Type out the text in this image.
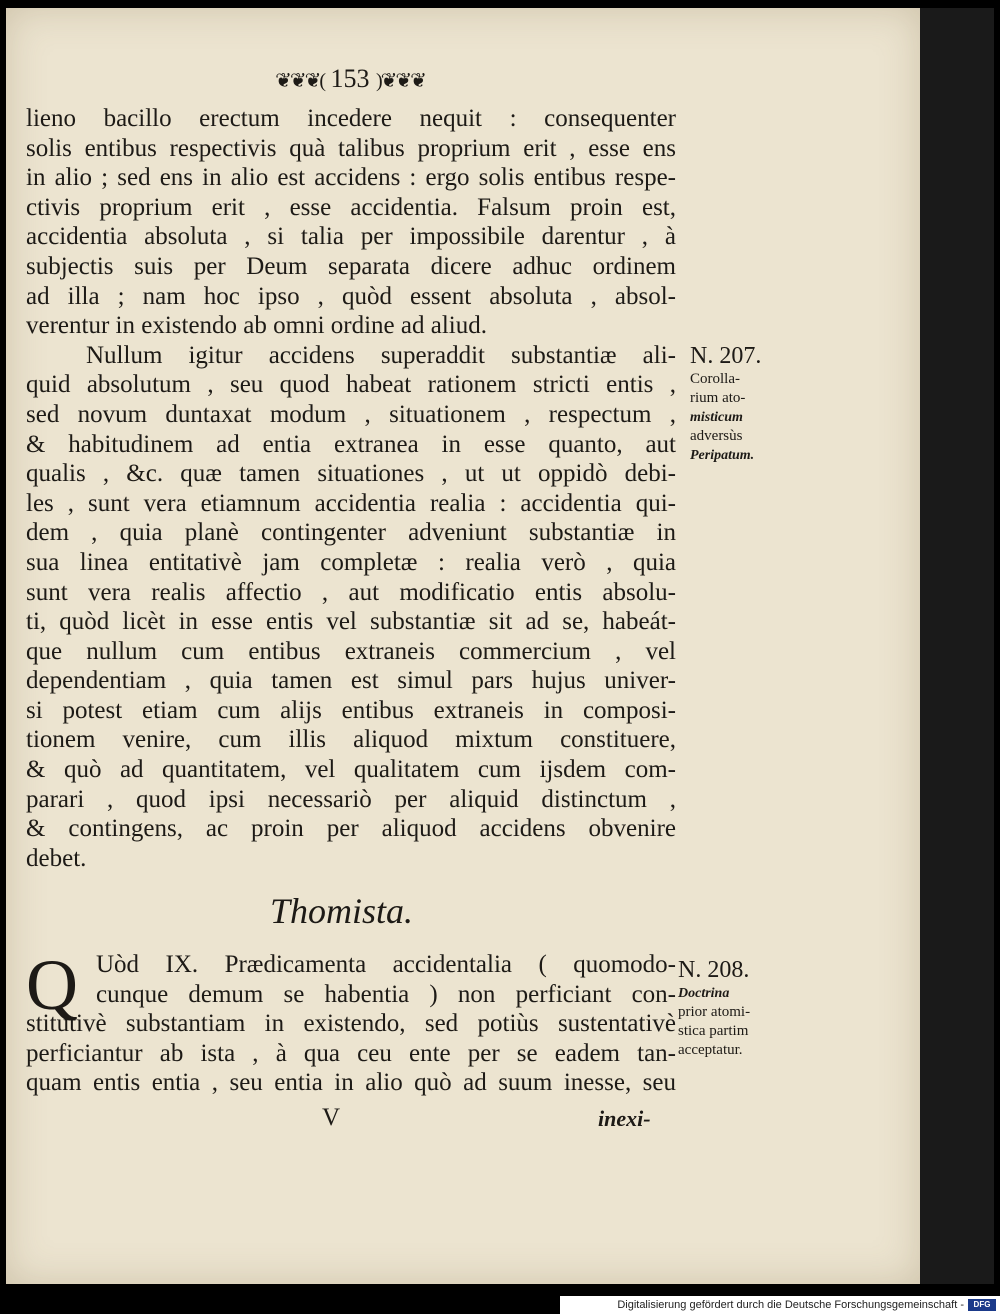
❦❦❦( 153 )❦❦❦
lieno bacillo erectum incedere nequit : consequenter
solis entibus respectivis quà talibus proprium erit , esse ens
in alio ; sed ens in alio est accidens : ergo solis entibus respe-
ctivis proprium erit , esse accidentia. Falsum proin est,
accidentia absoluta , si talia per impossibile darentur , à
subjectis suis per Deum separata dicere adhuc ordinem
ad illa ; nam hoc ipso , quòd essent absoluta , absol-
verentur in existendo ab omni ordine ad aliud.
Nullum igitur accidens superaddit substantiæ ali-
quid absolutum , seu quod habeat rationem stricti entis ,
sed novum duntaxat modum , situationem , respectum ,
& habitudinem ad entia extranea in esse quanto, aut
qualis , &c. quæ tamen situationes , ut ut oppidò debi-
les , sunt vera etiamnum accidentia realia : accidentia qui-
dem , quia planè contingenter adveniunt substantiæ in
sua linea entitativè jam completæ : realia verò , quia
sunt vera realis affectio , aut modificatio entis absolu-
ti, quòd licèt in esse entis vel substantiæ sit ad se, habeát-
que nullum cum entibus extraneis commercium , vel
dependentiam , quia tamen est simul pars hujus univer-
si potest etiam cum alijs entibus extraneis in composi-
tionem venire, cum illis aliquod mixtum constituere,
& quò ad quantitatem, vel qualitatem cum ijsdem com-
parari , quod ipsi necessariò per aliquid distinctum ,
& contingens, ac proin per aliquod accidens obvenire
debet.
N. 207.
Corolla-
rium ato-
misticum
adversùs
Peripatum.
Thomista.
Q Uòd IX. Prædicamenta accidentalia ( quomodo-
cunque demum se habentia ) non perficiant con-
stitutivè substantiam in existendo, sed potiùs sustentativè
perficiantur ab ista , à qua ceu ente per se eadem tan-
quam entis entia , seu entia in alio quò ad suum inesse, seu
N. 208.
Doctrina
prior atomi-
stica partim
acceptatur.
V	inexi-
Digitalisierung gefördert durch die Deutsche Forschungsgemeinschaft -	DFG
